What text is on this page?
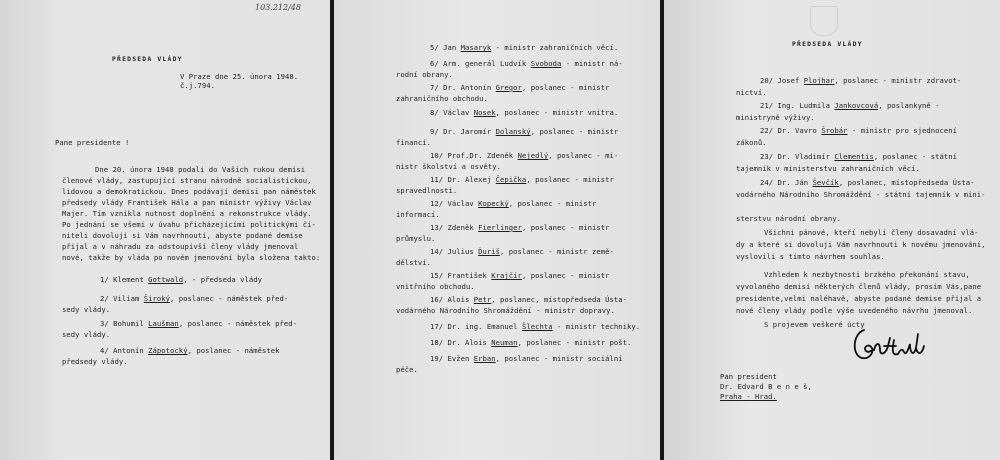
103.212/48
PŘEDSEDA VLÁDY
V Praze dne 25. února 1948.
č.j.794.
Pane presidente !
Dne 20. února 1948 podali do Vašich rukou demisi
členové vlády, zastupující stranu národně socialistickou,
lidovou a demokratickou. Dnes podávají demisi pan náměstek
předsedy vlády František Hála a pan ministr výživy Václav
Majer. Tím vznikla nutnost doplnění a rekonstrukce vlády.
Po jednání se všemi v úvahu přicházejícími politickými či-
niteli dovoluji si Vám navrhnouti, abyste podané demise
přijal a v náhradu za odstoupivší členy vlády jmenoval
nové, takže by vláda po novém jmenování byla složena takto:
1/ Klement Gottwald, - předseda vlády
2/ Viliam Široký, poslanec - náměstek před-
sedy vlády.
3/ Bohumil Laušman, poslanec - náměstek před-
sedy vlády.
4/ Antonín Zápotocký, poslanec - náměstek
předsedy vlády.
5/ Jan Masaryk - ministr zahraničních věcí.
6/ Arm. generál Ludvík Svoboda - ministr ná-
rodní obrany.
7/ Dr. Antonín Gregor, poslanec - ministr
zahraničního obchodu.
8/ Václav Nosek, poslanec - ministr vnitra.
9/ Dr. Jaromír Dolanský, poslanec - ministr
financí.
10/ Prof.Dr. Zdeněk Nejedlý, poslanec - mi-
nistr školství a osvěty.
11/ Dr. Alexej Čepička, poslanec - ministr
spravedlnosti.
12/ Václav Kopecký, poslanec - ministr
informací.
13/ Zdeněk Fierlinger, poslanec - ministr
průmyslu.
14/ Julius Ďuriš, poslanec - ministr země-
dělství.
15/ František Krajčír, poslanec - ministr
vnitřního obchodu.
16/ Alois Petr, poslanec, místopředseda Ústa-
vodárného Národního Shromáždění - ministr dopravy.
17/ Dr. ing. Emanuel Šlechta - ministr techniky.
18/ Dr. Alois Neuman, poslanec - ministr pošt.
19/ Evžen Erban, poslanec - ministr sociální
péče.
PŘEDSEDA VLÁDY
20/ Josef Plojhar, poslanec - ministr zdravot-
nictví.
21/ Ing. Ludmila Jankovcová, poslankyně -
ministryně výživy.
22/ Dr. Vavro Šrobár - ministr pro sjednocení
zákonů.
23/ Dr. Vladimír Clementis, poslanec - státní
tajemník v ministerstvu zahraničních věcí.
24/ Dr. Ján Ševčík, poslanec, místopředseda Ústa-
vodárného Národního Shromáždění - státní tajemník v mini-
sterstvu národní obrany.
Všichni pánové, kteří nebyli členy dosavadní vlá-
dy a které si dovoluji Vám navrhnouti k novému jmenování,
vyslovili s tímto návrhem souhlas.
Vzhledem k nezbytnosti brzkého překonání stavu,
vyvolaného demisí některých členů vlády, prosím Vás,pane
presidente,velmi naléhavě, abyste podané demise přijal a
nové členy vlády podle výše uvedeného návrhu jmenoval.
S projevem veškeré úcty
Pan president
Dr. Edvard B e n e š,
Praha - Hrad.
